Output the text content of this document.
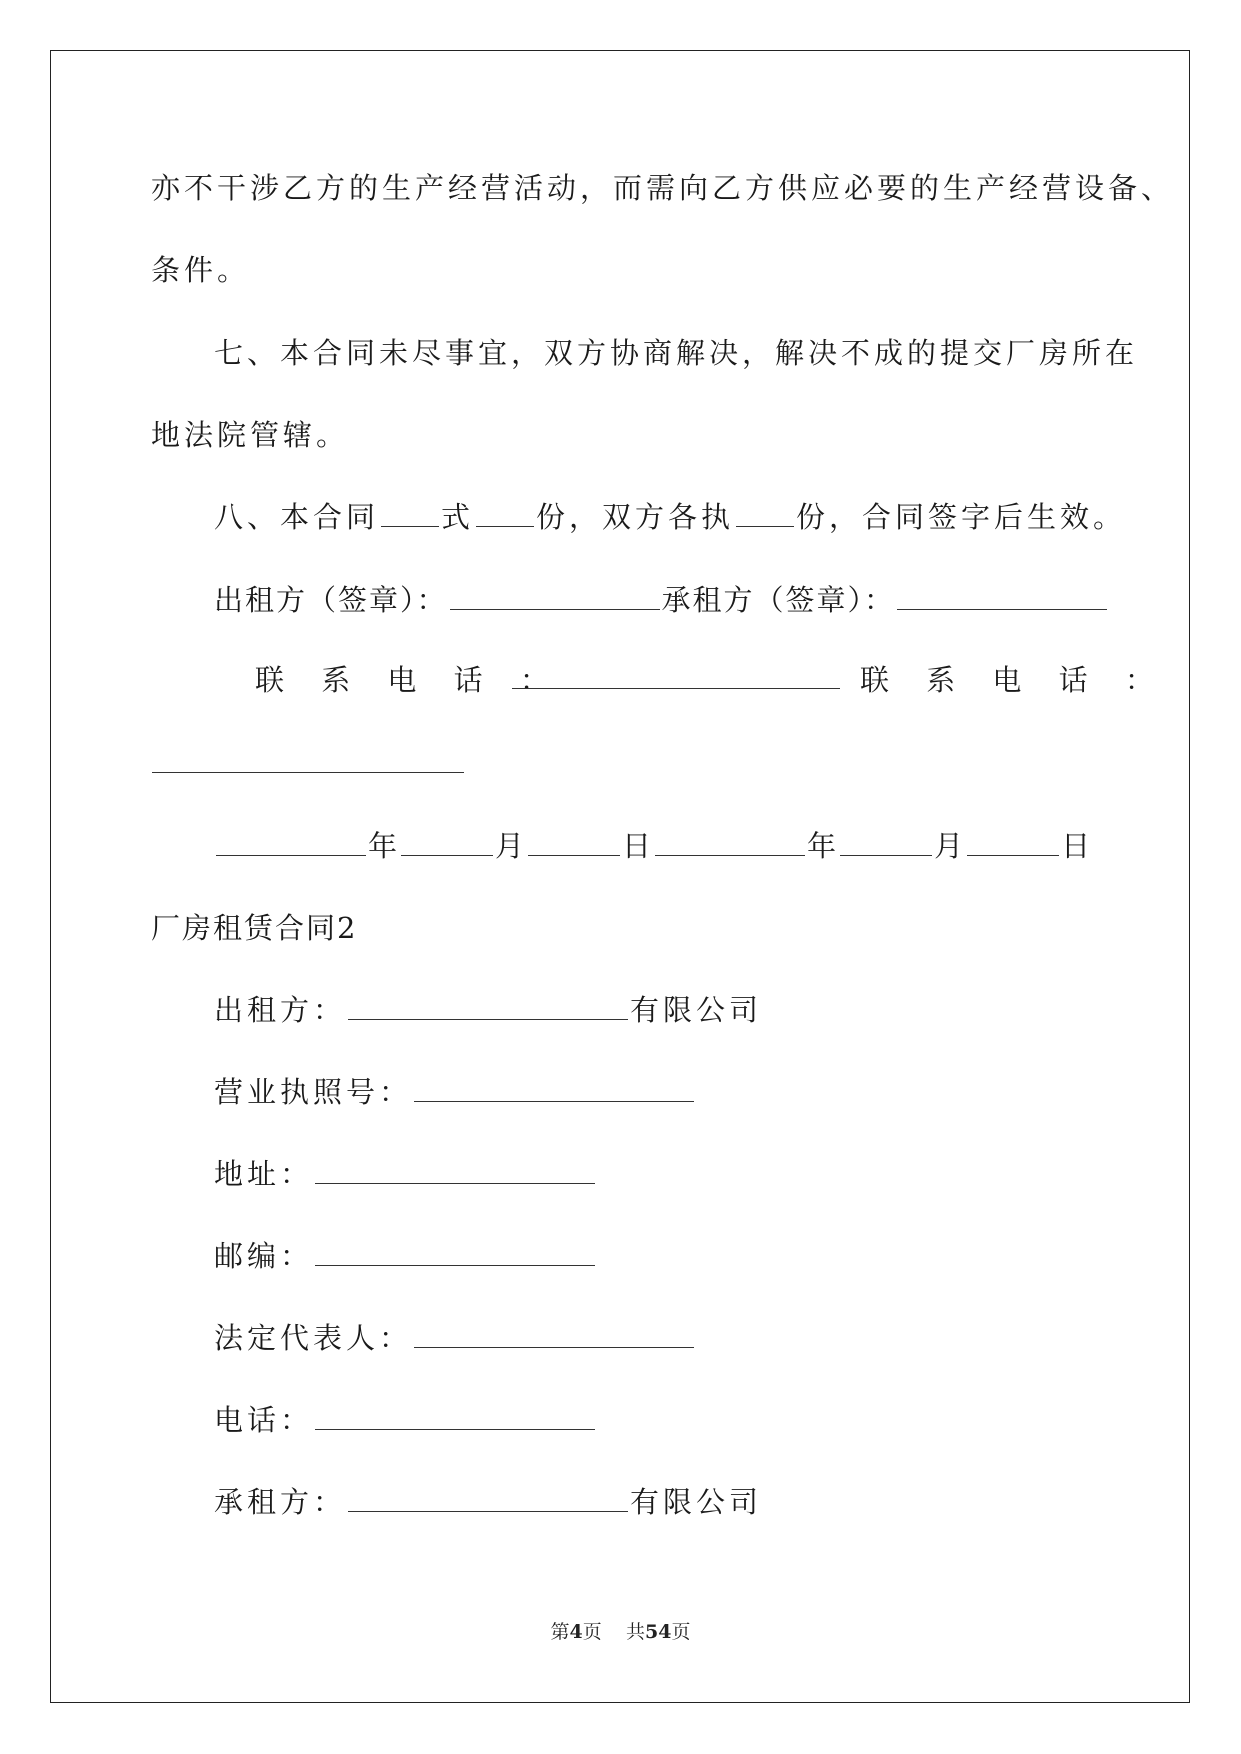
亦不干涉乙方的生产经营活动，而需向乙方供应必要的生产经营设备、
条件。
七、本合同未尽事宜，双方协商解决，解决不成的提交厂房所在
地法院管辖。
八、本合同 式 份，双方各执 份，合同签字后生效。
出租方（签章）：	承租方（签章）：
联 系 电 话 ：	联 系 电 话 ：
年	月	日	年	月	日
厂房租赁合同2
出租方：	有限公司
营业执照号：
地址：
邮编：
法定代表人：
电话：
承租方：	有限公司
第4页 共54页
